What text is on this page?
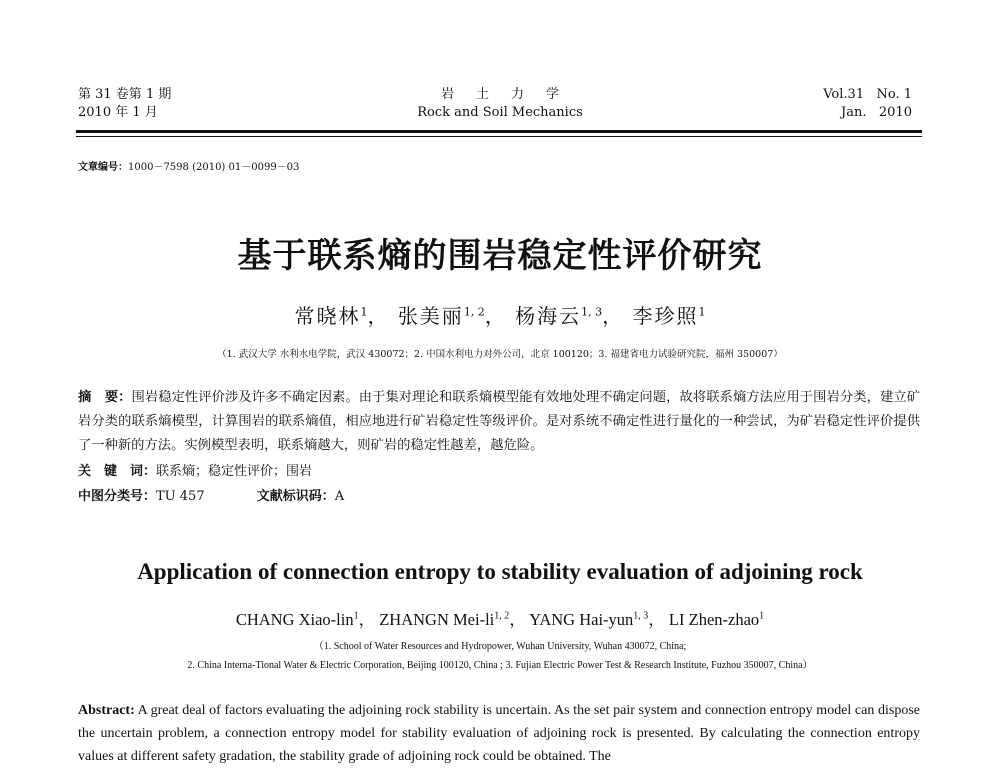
第 31 卷第 1 期
2010 年 1 月
岩土力学
Rock and Soil Mechanics
Vol.31   No. 1
Jan.   2010
文章编号：1000－7598 (2010) 01－0099－03
基于联系熵的围岩稳定性评价研究
常晓林$^1$， 张美丽$^{1, 2}$， 杨海云$^{1, 3}$， 李珍照$^1$
（1. 武汉大学 水利水电学院，武汉 430072；2. 中国水利电力对外公司，北京 100120；3. 福建省电力试验研究院，福州 350007）
摘　要：围岩稳定性评价涉及许多不确定因素。由于集对理论和联系熵模型能有效地处理不确定问题，故将联系熵方法应用于围岩分类，建立矿岩分类的联系熵模型，计算围岩的联系熵值，相应地进行矿岩稳定性等级评价。是对系统不确定性进行量化的一种尝试，为矿岩稳定性评价提供了一种新的方法。实例模型表明，联系熵越大，则矿岩的稳定性越差，越危险。
关　键　词：联系熵；稳定性评价；围岩
中图分类号：TU 457	文献标识码：A
Application of connection entropy to stability evaluation of adjoining rock
CHANG Xiao-lin$^1$， ZHANGN Mei-li$^{1, 2}$， YANG Hai-yun$^{1, 3}$， LI Zhen-zhao$^1$
（1. School of Water Resources and Hydropower, Wuhan University, Wuhan 430072, China;
2. China Interna-Tional Water & Electric Corporation, Beijing 100120, China ; 3. Fujian Electric Power Test & Research Institute, Fuzhou 350007, China）
Abstract: A great deal of factors evaluating the adjoining rock stability is uncertain. As the set pair system and connection entropy model can dispose the uncertain problem, a connection entropy model for stability evaluation of adjoining rock is presented. By calculating the connection entropy values at different safety gradation, the stability grade of adjoining rock could be obtained. The
